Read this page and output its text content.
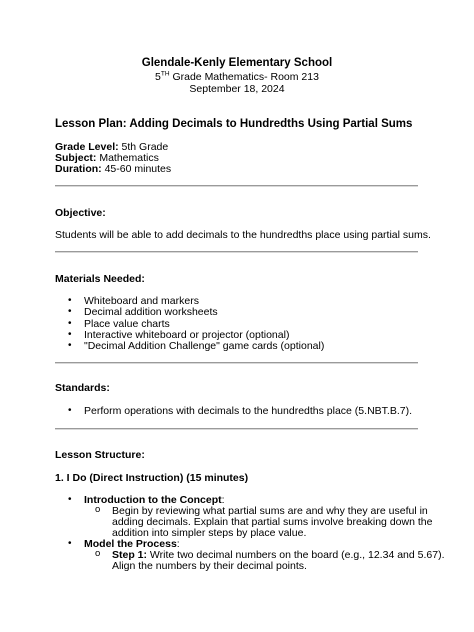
Glendale-Kenly Elementary School
5TH Grade Mathematics- Room 213
September 18, 2024
Lesson Plan: Adding Decimals to Hundredths Using Partial Sums
Grade Level: 5th Grade
Subject: Mathematics
Duration: 45-60 minutes
Objective:
Students will be able to add decimals to the hundredths place using partial sums.
Materials Needed:
• Whiteboard and markers
• Decimal addition worksheets
• Place value charts
• Interactive whiteboard or projector (optional)
• "Decimal Addition Challenge" game cards (optional)
Standards:
• Perform operations with decimals to the hundredths place (5.NBT.B.7).
Lesson Structure:
1. I Do (Direct Instruction) (15 minutes)
• Introduction to the Concept:
o Begin by reviewing what partial sums are and why they are useful in
adding decimals. Explain that partial sums involve breaking down the
addition into simpler steps by place value.
• Model the Process:
o Step 1: Write two decimal numbers on the board (e.g., 12.34 and 5.67).
Align the numbers by their decimal points.
